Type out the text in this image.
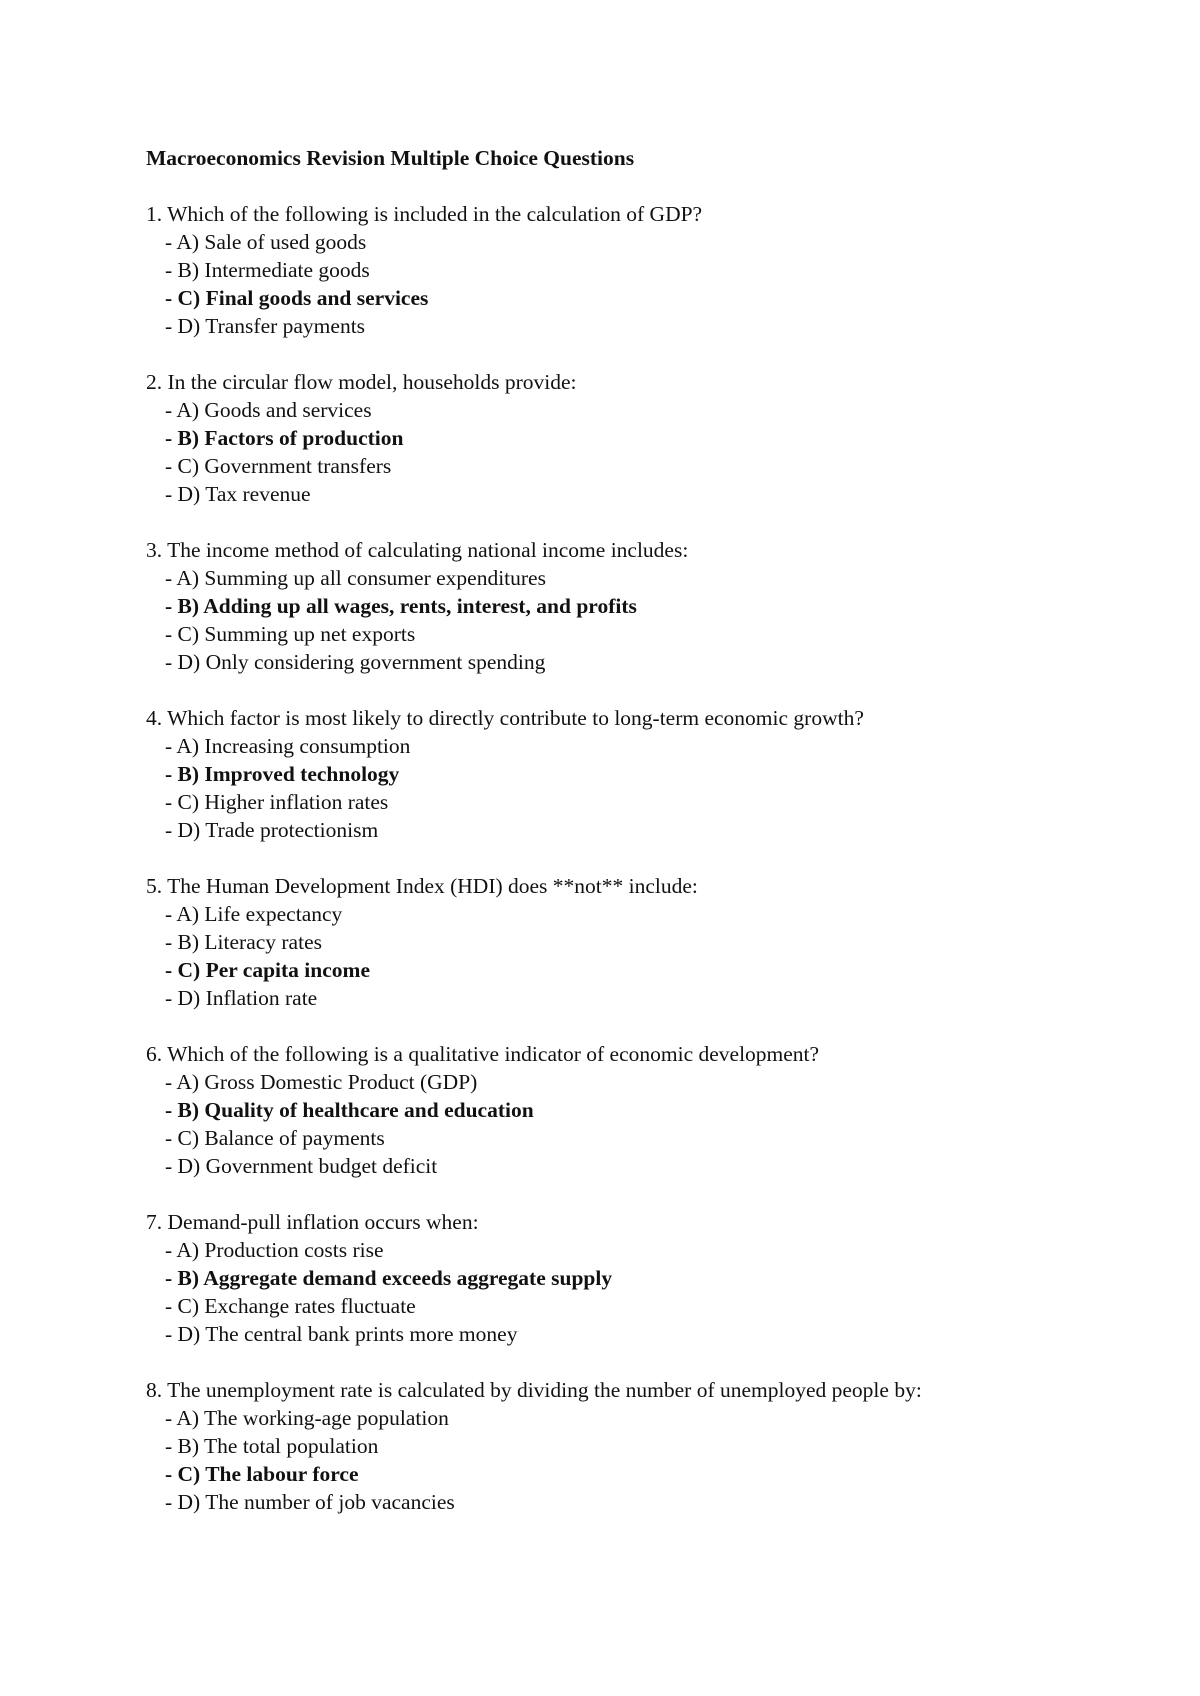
Macroeconomics Revision Multiple Choice Questions
1. Which of the following is included in the calculation of GDP?
- A) Sale of used goods
- B) Intermediate goods
- C) Final goods and services
- D) Transfer payments
2. In the circular flow model, households provide:
- A) Goods and services
- B) Factors of production
- C) Government transfers
- D) Tax revenue
3. The income method of calculating national income includes:
- A) Summing up all consumer expenditures
- B) Adding up all wages, rents, interest, and profits
- C) Summing up net exports
- D) Only considering government spending
4. Which factor is most likely to directly contribute to long-term economic growth?
- A) Increasing consumption
- B) Improved technology
- C) Higher inflation rates
- D) Trade protectionism
5. The Human Development Index (HDI) does **not** include:
- A) Life expectancy
- B) Literacy rates
- C) Per capita income
- D) Inflation rate
6. Which of the following is a qualitative indicator of economic development?
- A) Gross Domestic Product (GDP)
- B) Quality of healthcare and education
- C) Balance of payments
- D) Government budget deficit
7. Demand-pull inflation occurs when:
- A) Production costs rise
- B) Aggregate demand exceeds aggregate supply
- C) Exchange rates fluctuate
- D) The central bank prints more money
8. The unemployment rate is calculated by dividing the number of unemployed people by:
- A) The working-age population
- B) The total population
- C) The labour force
- D) The number of job vacancies
